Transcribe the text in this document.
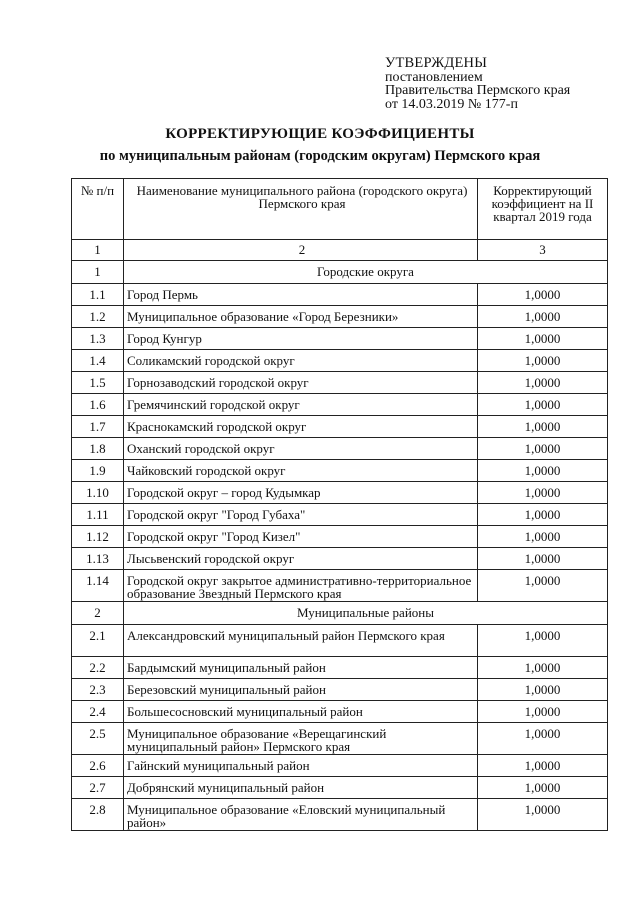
УТВЕРЖДЕНЫ
постановлением
Правительства Пермского края
от 14.03.2019 № 177-п
КОРРЕКТИРУЮЩИЕ КОЭФФИЦИЕНТЫ
по муниципальным районам (городским округам) Пермского края
№ п/п	Наименование муниципального района (городского округа) Пермского края	Корректирующий коэффициент на II квартал 2019 года
1	2	3
1	Городские округа	
1.1	Город Пермь	1,0000
1.2	Муниципальное образование «Город Березники»	1,0000
1.3	Город Кунгур	1,0000
1.4	Соликамский городской округ	1,0000
1.5	Горнозаводский городской округ	1,0000
1.6	Гремячинский городской округ	1,0000
1.7	Краснокамский городской округ	1,0000
1.8	Оханский городской округ	1,0000
1.9	Чайковский городской округ	1,0000
1.10	Городской округ – город Кудымкар	1,0000
1.11	Городской округ "Город Губаха"	1,0000
1.12	Городской округ "Город Кизел"	1,0000
1.13	Лысьвенский городской округ	1,0000
1.14	Городской округ закрытое административно-территориальное образование Звездный Пермского края	1,0000
2	Муниципальные районы	
2.1	Александровский муниципальный район Пермского края	1,0000
2.2	Бардымский муниципальный район	1,0000
2.3	Березовский муниципальный район	1,0000
2.4	Большесосновский муниципальный район	1,0000
2.5	Муниципальное образование «Верещагинский муниципальный район» Пермского края	1,0000
2.6	Гайнский муниципальный район	1,0000
2.7	Добрянский муниципальный район	1,0000
2.8	Муниципальное образование «Еловский муниципальный район»	1,0000
